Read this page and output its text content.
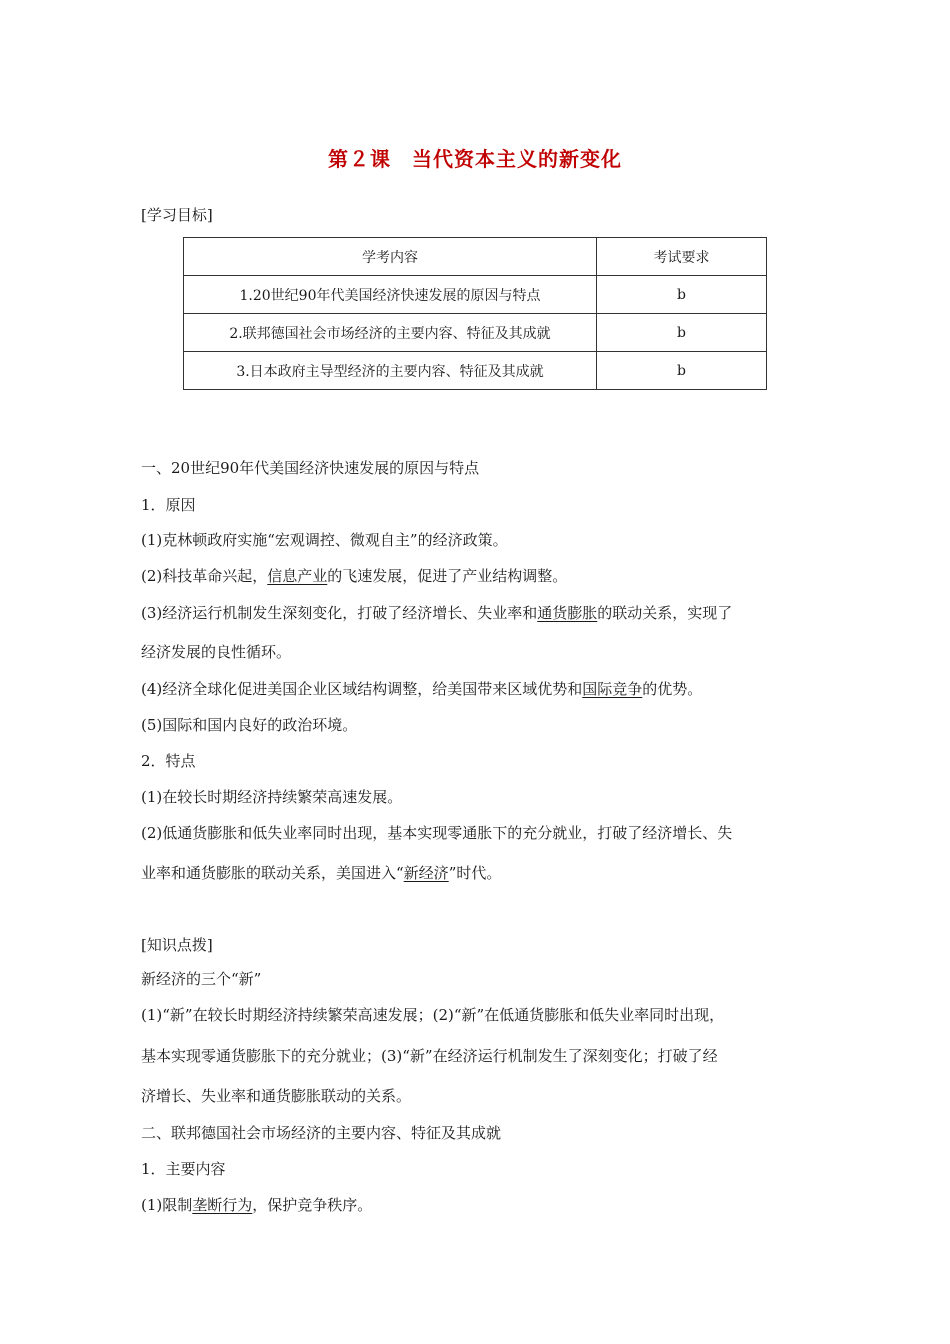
第２课　当代资本主义的新变化
[学习目标]
学考内容	考试要求
1.20世纪90年代美国经济快速发展的原因与特点	b
2.联邦德国社会市场经济的主要内容、特征及其成就	b
3.日本政府主导型经济的主要内容、特征及其成就	b
一、20世纪90年代美国经济快速发展的原因与特点
1．原因
(1)克林顿政府实施“宏观调控、微观自主”的经济政策。
(2)科技革命兴起，信息产业的飞速发展，促进了产业结构调整。
(3)经济运行机制发生深刻变化，打破了经济增长、失业率和通货膨胀的联动关系，实现了
经济发展的良性循环。
(4)经济全球化促进美国企业区域结构调整，给美国带来区域优势和国际竞争的优势。
(5)国际和国内良好的政治环境。
2．特点
(1)在较长时期经济持续繁荣高速发展。
(2)低通货膨胀和低失业率同时出现，基本实现零通胀下的充分就业，打破了经济增长、失
业率和通货膨胀的联动关系，美国进入“新经济”时代。
[知识点拨]
新经济的三个“新”
(1)“新”在较长时期经济持续繁荣高速发展；(2)“新”在低通货膨胀和低失业率同时出现，
基本实现零通货膨胀下的充分就业；(3)“新”在经济运行机制发生了深刻变化；打破了经
济增长、失业率和通货膨胀联动的关系。
二、联邦德国社会市场经济的主要内容、特征及其成就
1．主要内容
(1)限制垄断行为，保护竞争秩序。
